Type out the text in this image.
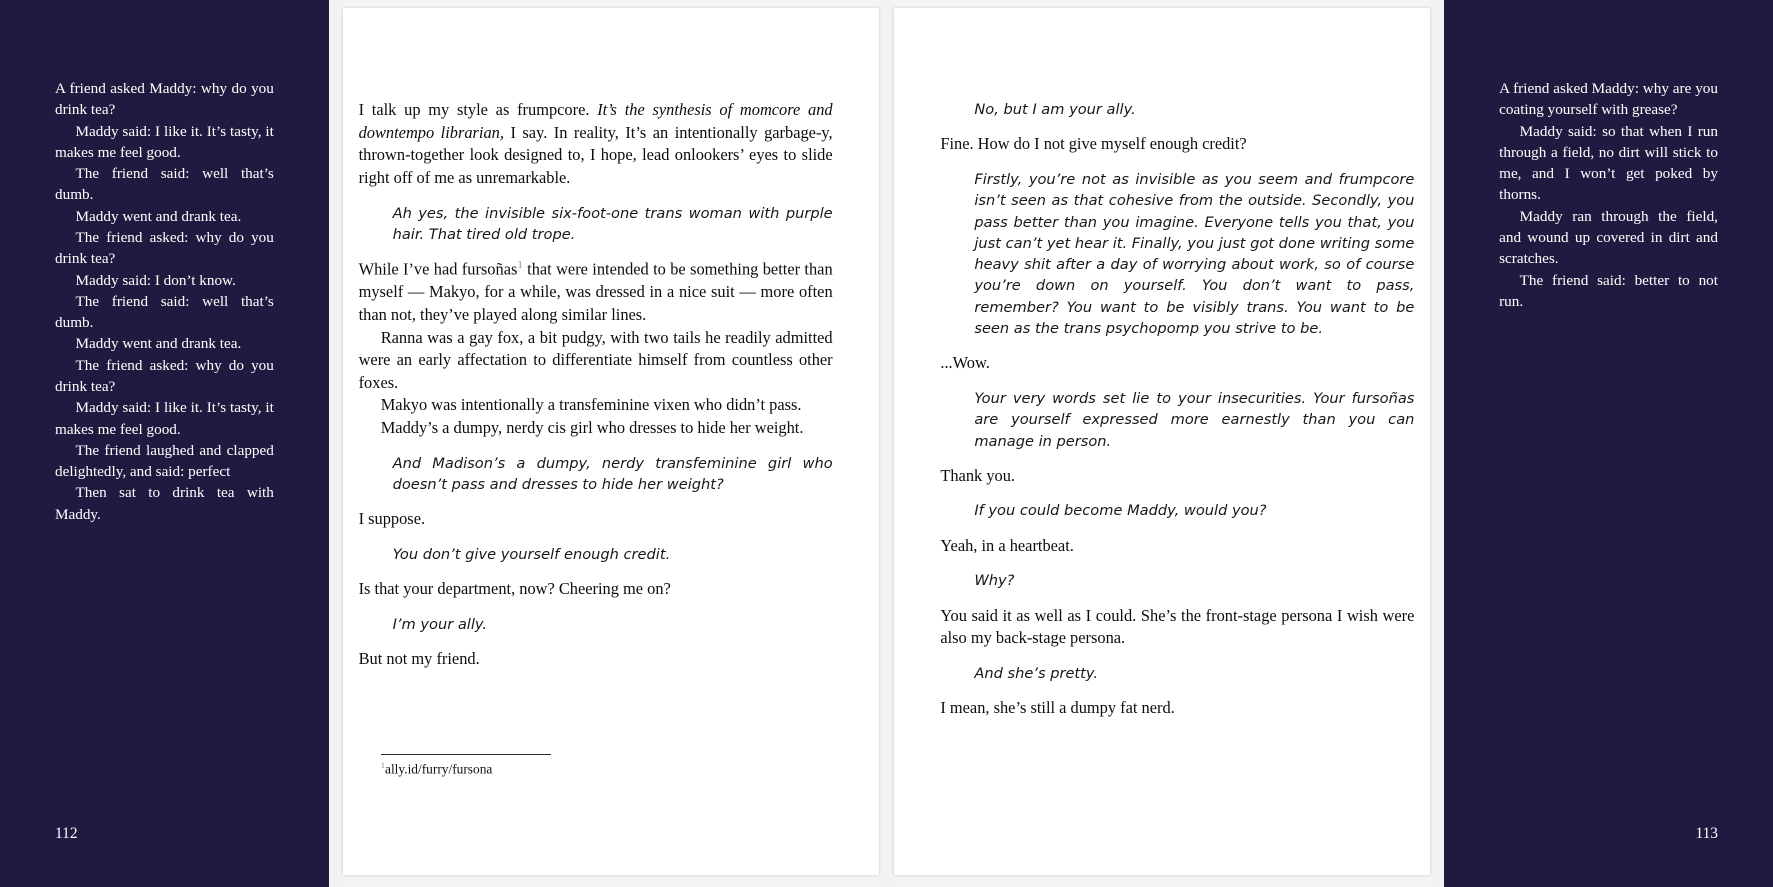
A friend asked Maddy: why do you drink tea?

Maddy said: I like it. It’s tasty, it makes me feel good.

The friend said: well that’s dumb.

Maddy went and drank tea.

The friend asked: why do you drink tea?

Maddy said: I don’t know.

The friend said: well that’s dumb.

Maddy went and drank tea.

The friend asked: why do you drink tea?

Maddy said: I like it. It’s tasty, it makes me feel good.

The friend laughed and clapped delightedly, and said: perfect

Then sat to drink tea with Maddy.

112

I talk up my style as frumpcore. It’s the synthesis of momcore and downtempo librarian, I say. In reality, It’s an intentionally garbage-y, thrown-together look designed to, I hope, lead onlookers’ eyes to slide right off of me as unremarkable.

Ah yes, the invisible six-foot-one trans woman with purple hair. That tired old trope.

While I’ve had fursoñas$^1$ that were intended to be something better than myself — Makyo, for a while, was dressed in a nice suit — more often than not, they’ve played along similar lines.

Ranna was a gay fox, a bit pudgy, with two tails he readily admitted were an early affectation to differentiate himself from countless other foxes.

Makyo was intentionally a transfeminine vixen who didn’t pass.

Maddy’s a dumpy, nerdy cis girl who dresses to hide her weight.

And Madison’s a dumpy, nerdy transfeminine girl who doesn’t pass and dresses to hide her weight?

I suppose.

You don’t give yourself enough credit.

Is that your department, now? Cheering me on?

I’m your ally.

But not my friend.

$^1$ally.id/furry/fursona

No, but I am your ally.

Fine. How do I not give myself enough credit?

Firstly, you’re not as invisible as you seem and frumpcore isn’t seen as that cohesive from the outside. Secondly, you pass better than you imagine. Everyone tells you that, you just can’t yet hear it. Finally, you just got done writing some heavy shit after a day of worrying about work, so of course you’re down on yourself. You don’t want to pass, remember? You want to be visibly trans. You want to be seen as the trans psychopomp you strive to be.

...Wow.

Your very words set lie to your insecurities. Your fursoñas are yourself expressed more earnestly than you can manage in person.

Thank you.

If you could become Maddy, would you?

Yeah, in a heartbeat.

Why?

You said it as well as I could. She’s the front-stage persona I wish were also my back-stage persona.

And she’s pretty.

I mean, she’s still a dumpy fat nerd.

A friend asked Maddy: why are you coating yourself with grease?

Maddy said: so that when I run through a field, no dirt will stick to me, and I won’t get poked by thorns.

Maddy ran through the field, and wound up covered in dirt and scratches.

The friend said: better to not run.

113
